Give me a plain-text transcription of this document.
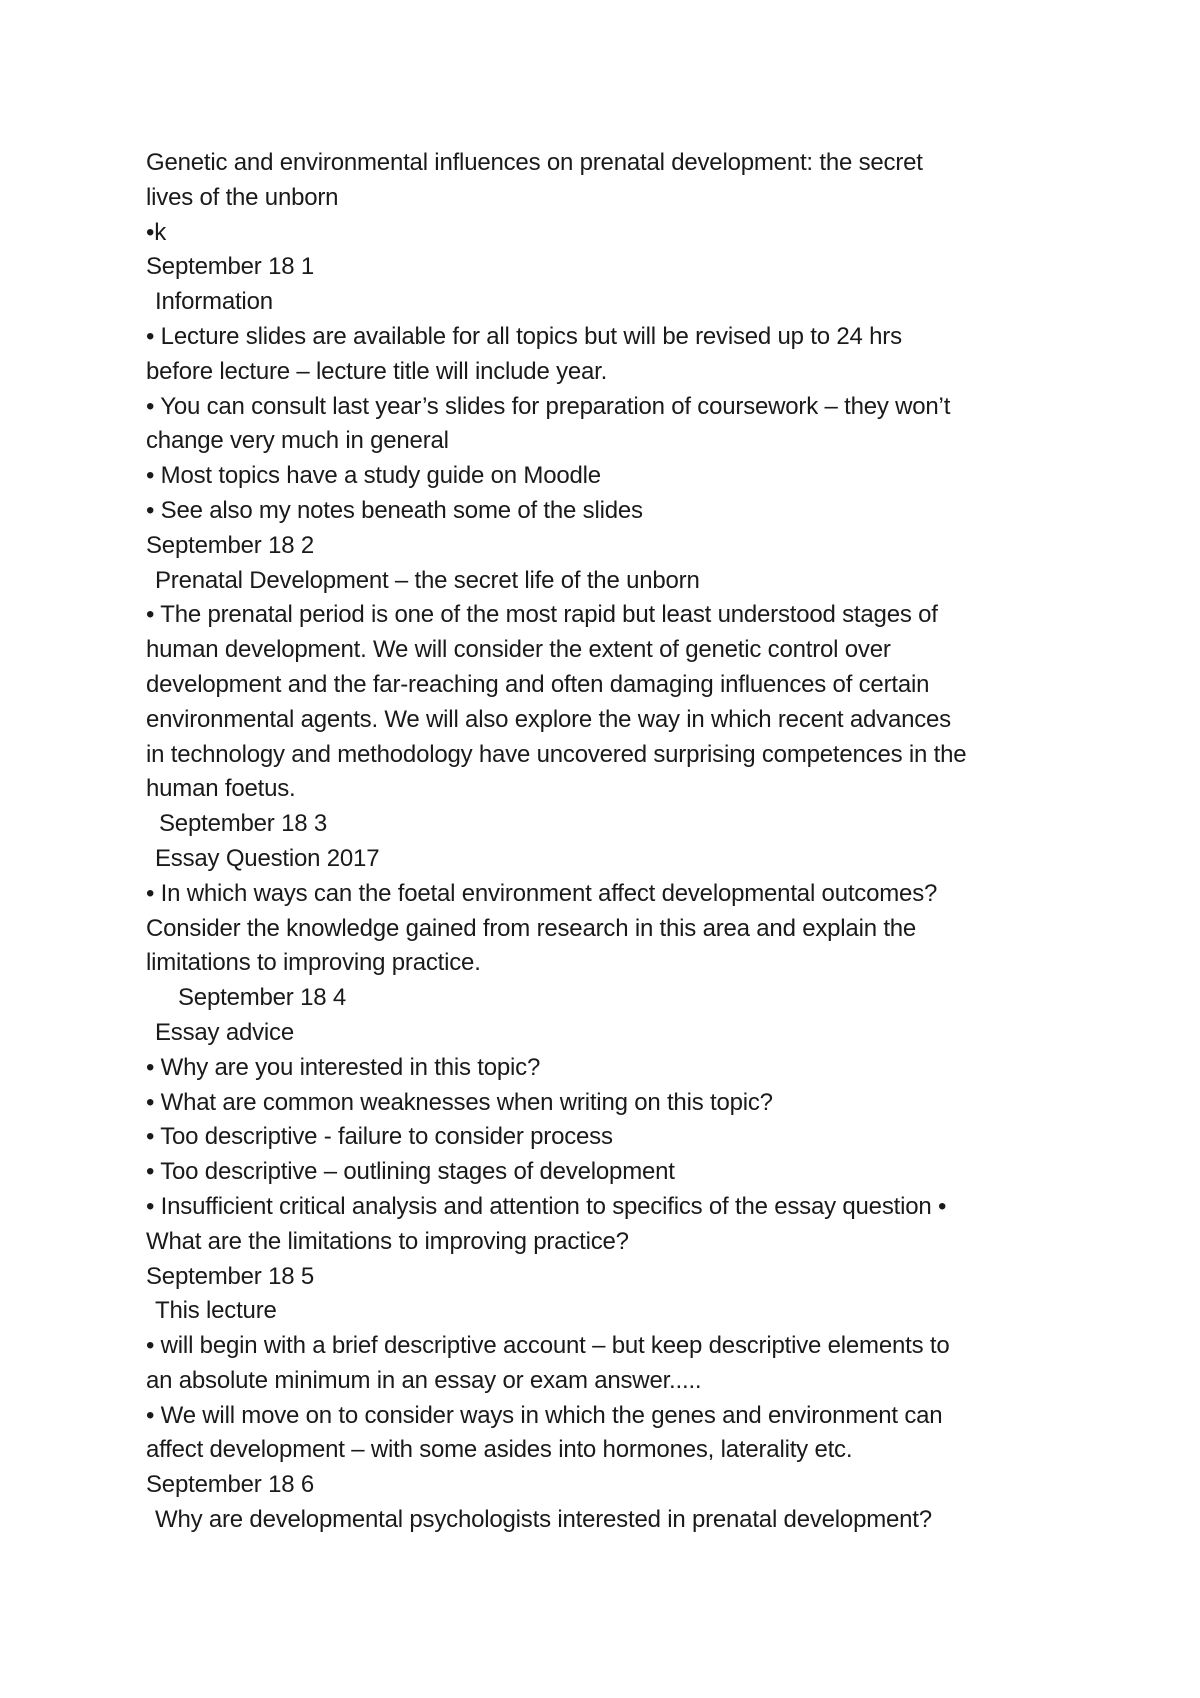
Genetic and environmental influences on prenatal development: the secret
lives of the unborn
•k
September 18 1
Information
• Lecture slides are available for all topics but will be revised up to 24 hrs
before lecture – lecture title will include year.
• You can consult last year’s slides for preparation of coursework – they won’t
change very much in general
• Most topics have a study guide on Moodle
• See also my notes beneath some of the slides
September 18 2
Prenatal Development – the secret life of the unborn
• The prenatal period is one of the most rapid but least understood stages of
human development. We will consider the extent of genetic control over
development and the far-reaching and often damaging influences of certain
environmental agents. We will also explore the way in which recent advances
in technology and methodology have uncovered surprising competences in the
human foetus.
September 18 3
Essay Question 2017
• In which ways can the foetal environment affect developmental outcomes?
Consider the knowledge gained from research in this area and explain the
limitations to improving practice.
September 18 4
Essay advice
• Why are you interested in this topic?
• What are common weaknesses when writing on this topic?
• Too descriptive - failure to consider process
• Too descriptive – outlining stages of development
• Insufficient critical analysis and attention to specifics of the essay question •
What are the limitations to improving practice?
September 18 5
This lecture
• will begin with a brief descriptive account – but keep descriptive elements to
an absolute minimum in an essay or exam answer.....
• We will move on to consider ways in which the genes and environment can
affect development – with some asides into hormones, laterality etc.
September 18 6
Why are developmental psychologists interested in prenatal development?
